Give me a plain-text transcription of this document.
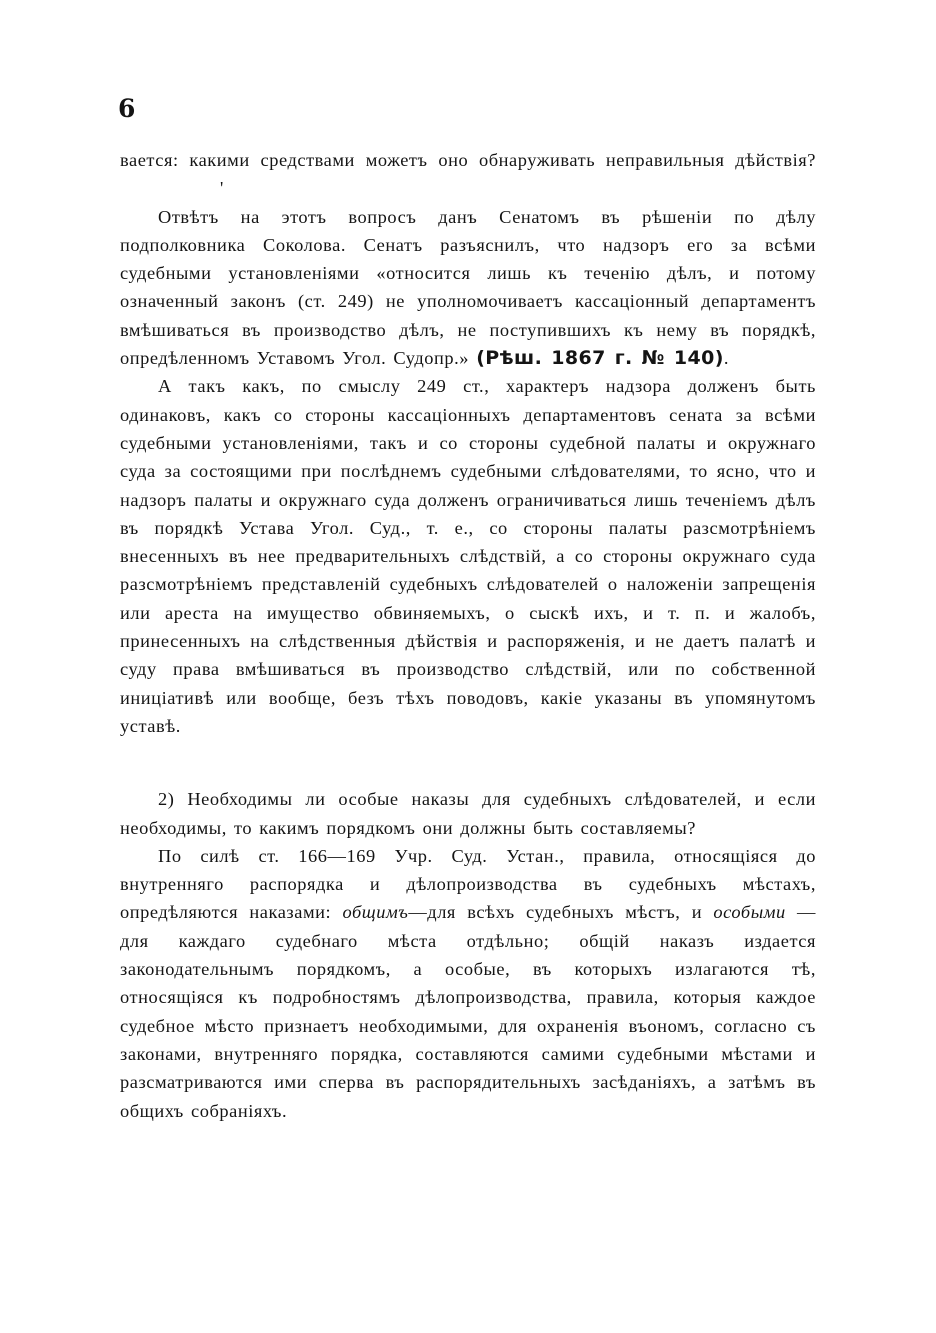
6

вается: какими средствами можетъ оно обнаруживать неправильныя дѣйствія?'

Отвѣтъ на этотъ вопросъ данъ Сенатомъ въ рѣшеніи по дѣлу подполковника Соколова. Сенатъ разъяснилъ, что надзоръ его за всѣми судебными установленіями «относится лишь къ теченію дѣлъ, и потому означенный законъ (ст. 249) не уполномочиваетъ кассаціонный департаментъ вмѣшиваться въ производство дѣлъ, не поступившихъ къ нему въ порядкѣ, опредѣленномъ Уставомъ Угол. Судопр.» (Рѣш. 1867 г. № 140).

А такъ какъ, по смыслу 249 ст., характеръ надзора долженъ быть одинаковъ, какъ со стороны кассаціонныхъ департаментовъ сената за всѣми судебными установленіями, такъ и со стороны судебной палаты и окружнаго суда за состоящими при послѣднемъ судебными слѣдователями, то ясно, что и надзоръ палаты и окружнаго суда долженъ ограничиваться лишь теченіемъ дѣлъ въ порядкѣ Устава Угол. Суд., т. е., со стороны палаты разсмотрѣніемъ внесенныхъ въ нее предварительныхъ слѣдствій, а со стороны окружнаго суда разсмотрѣніемъ представленій судебныхъ слѣдователей о наложеніи запрещенія или ареста на имущество обвиняемыхъ, о сыскѣ ихъ, и т. п. и жалобъ, принесенныхъ на слѣдственныя дѣйствія и распоряженія, и не даетъ палатѣ и суду права вмѣшиваться въ производство слѣдствій, или по собственной иниціативѣ или вообще, безъ тѣхъ поводовъ, какіе указаны въ упомянутомъ уставѣ.

2) Необходимы ли особые наказы для судебныхъ слѣдователей, и если необходимы, то какимъ порядкомъ они должны быть составляемы?

По силѣ ст. 166—169 Учр. Суд. Устан., правила, относящіяся до внутренняго распорядка и дѣлопроизводства въ судебныхъ мѣстахъ, опредѣляются наказами: общимъ—для всѣхъ судебныхъ мѣстъ, и особыми — для каждаго судебнаго мѣста отдѣльно; общій наказъ издается законодательнымъ порядкомъ, а особые, въ которыхъ излагаются тѣ, относящіяся къ подробностямъ дѣлопроизводства, правила, которыя каждое судебное мѣсто признаетъ необходимыми, для охраненія въономъ, согласно съ законами, внутренняго порядка, составляются самими судебными мѣстами и разсматриваются ими сперва въ распорядительныхъ засѣданіяхъ, а затѣмъ въ общихъ собраніяхъ.
